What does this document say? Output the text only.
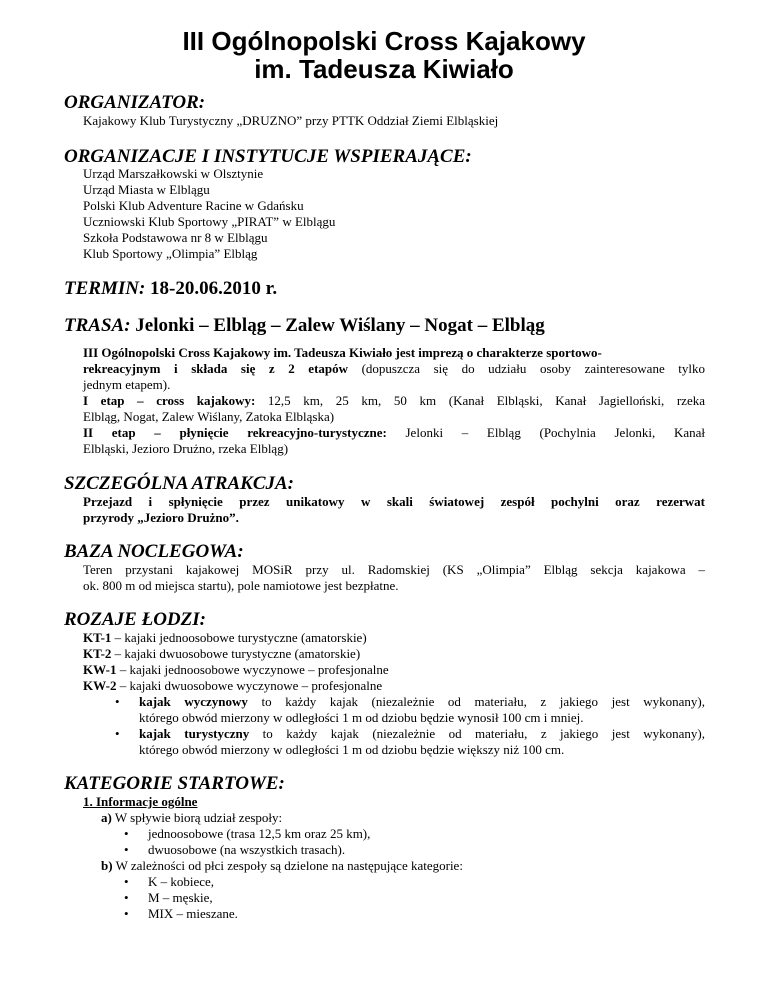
III Ogólnopolski Cross Kajakowy
im. Tadeusza Kiwiało
ORGANIZATOR:
Kajakowy Klub Turystyczny „DRUZNO” przy PTTK Oddział Ziemi Elbląskiej
ORGANIZACJE I INSTYTUCJE WSPIERAJĄCE:
Urząd Marszałkowski w Olsztynie
Urząd Miasta w Elblągu
Polski Klub Adventure Racine w Gdańsku
Uczniowski Klub Sportowy „PIRAT” w Elblągu
Szkoła Podstawowa nr 8 w Elblągu
Klub Sportowy „Olimpia” Elbląg
TERMIN: 18-20.06.2010 r.
TRASA: Jelonki – Elbląg – Zalew Wiślany – Nogat – Elbląg
III Ogólnopolski Cross Kajakowy im. Tadeusza Kiwiało jest imprezą o charakterze sportowo-
rekreacyjnym i składa się z 2 etapów (dopuszcza się do udziału osoby zainteresowane tylko
jednym etapem).
I etap – cross kajakowy: 12,5 km, 25 km, 50 km (Kanał Elbląski, Kanał Jagielloński, rzeka
Elbląg, Nogat, Zalew Wiślany, Zatoka Elbląska)
II etap – płynięcie rekreacyjno-turystyczne: Jelonki – Elbląg (Pochylnia Jelonki, Kanał
Elbląski, Jezioro Drużno, rzeka Elbląg)
SZCZEGÓLNA ATRAKCJA:
Przejazd i spłynięcie przez unikatowy w skali światowej zespół pochylni oraz rezerwat
przyrody „Jezioro Drużno”.
BAZA NOCLEGOWA:
Teren przystani kajakowej MOSiR przy ul. Radomskiej (KS „Olimpia” Elbląg sekcja kajakowa –
ok. 800 m od miejsca startu), pole namiotowe jest bezpłatne.
ROZAJE ŁODZI:
KT-1 – kajaki jednoosobowe turystyczne (amatorskie)
KT-2 – kajaki dwuosobowe turystyczne (amatorskie)
KW-1 – kajaki jednoosobowe wyczynowe – profesjonalne
KW-2 – kajaki dwuosobowe wyczynowe – profesjonalne
• kajak wyczynowy to każdy kajak (niezależnie od materiału, z jakiego jest wykonany),
którego obwód mierzony w odległości 1 m od dziobu będzie wynosił 100 cm i mniej.
• kajak turystyczny to każdy kajak (niezależnie od materiału, z jakiego jest wykonany),
którego obwód mierzony w odległości 1 m od dziobu będzie większy niż 100 cm.
KATEGORIE STARTOWE:
1. Informacje ogólne
a) W spływie biorą udział zespoły:
• jednoosobowe (trasa 12,5 km oraz 25 km),
• dwuosobowe (na wszystkich trasach).
b) W zależności od płci zespoły są dzielone na następujące kategorie:
• K – kobiece,
• M – męskie,
• MIX – mieszane.
